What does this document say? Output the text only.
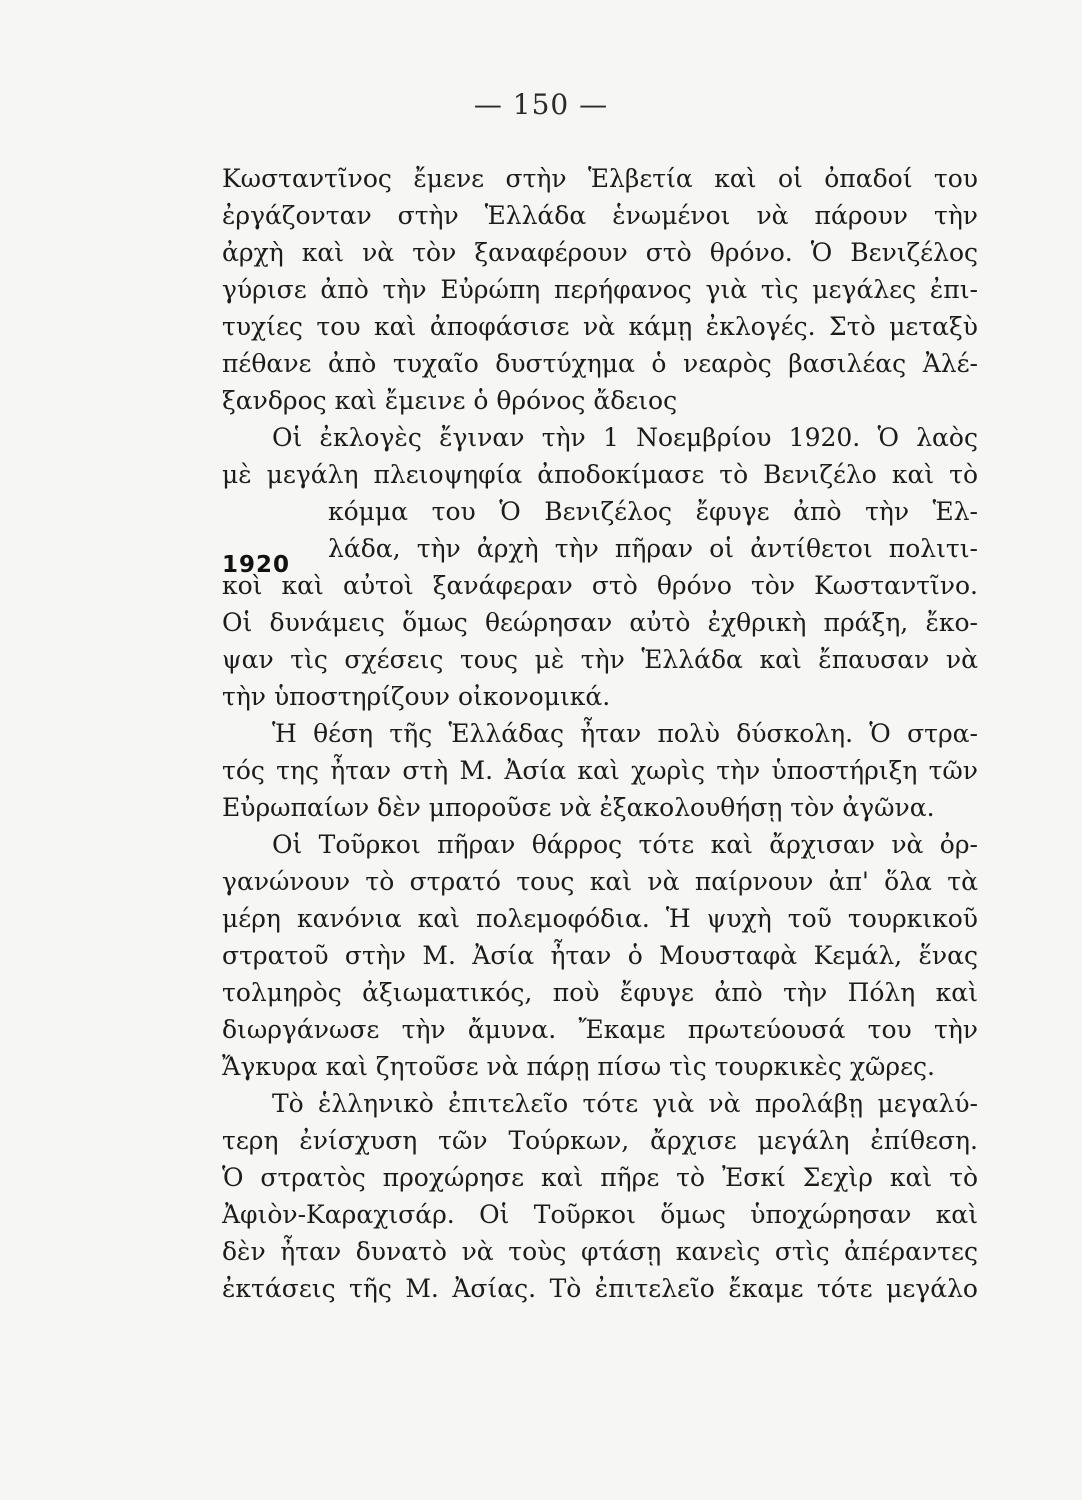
— 150 —
1920
Κωσταντῖνος ἔμενε στὴν Ἑλβετία καὶ οἱ ὀπαδοί του
ἐργάζονταν στὴν Ἑλλάδα ἑνωμένοι νὰ πάρουν τὴν
ἀρχὴ καὶ νὰ τὸν ξαναφέρουν στὸ θρόνο. Ὁ Βενιζέλος
γύρισε ἀπὸ τὴν Εὐρώπη περήφανος γιὰ τὶς μεγάλες ἐπι-
τυχίες του καὶ ἀποφάσισε νὰ κάμῃ ἐκλογές. Στὸ μεταξὺ
πέθανε ἀπὸ τυχαῖο δυστύχημα ὁ νεαρὸς βασιλέας Ἀλέ-
ξανδρος καὶ ἔμεινε ὁ θρόνος ἄδειος
Οἱ ἐκλογὲς ἔγιναν τὴν 1 Νοεμβρίου 1920. Ὁ λαὸς
μὲ μεγάλη πλειοψηφία ἀποδοκίμασε τὸ Βενιζέλο καὶ τὸ
κόμμα του Ὁ Βενιζέλος ἔφυγε ἀπὸ τὴν Ἑλ-
λάδα, τὴν ἀρχὴ τὴν πῆραν οἱ ἀντίθετοι πολιτι-
κοὶ καὶ αὐτοὶ ξανάφεραν στὸ θρόνο τὸν Κωσταντῖνο.
Οἱ δυνάμεις ὅμως θεώρησαν αὐτὸ ἐχθρικὴ πράξη, ἔκο-
ψαν τὶς σχέσεις τους μὲ τὴν Ἑλλάδα καὶ ἔπαυσαν νὰ
τὴν ὑποστηρίζουν οἰκονομικά.
Ἡ θέση τῆς Ἑλλάδας ἦταν πολὺ δύσκολη. Ὁ στρα-
τός της ἦταν στὴ Μ. Ἀσία καὶ χωρὶς τὴν ὑποστήριξη τῶν
Εὐρωπαίων δὲν μποροῦσε νὰ ἐξακολουθήσῃ τὸν ἀγῶνα.
Οἱ Τοῦρκοι πῆραν θάρρος τότε καὶ ἄρχισαν νὰ ὀρ-
γανώνουν τὸ στρατό τους καὶ νὰ παίρνουν ἀπ' ὅλα τὰ
μέρη κανόνια καὶ πολεμοφόδια. Ἡ ψυχὴ τοῦ τουρκικοῦ
στρατοῦ στὴν Μ. Ἀσία ἦταν ὁ Μουσταφὰ Κεμάλ, ἕνας
τολμηρὸς ἀξιωματικός, ποὺ ἔφυγε ἀπὸ τὴν Πόλη καὶ
διωργάνωσε τὴν ἄμυνα. Ἔκαμε πρωτεύουσά του τὴν
Ἄγκυρα καὶ ζητοῦσε νὰ πάρῃ πίσω τὶς τουρκικὲς χῶρες.
Τὸ ἑλληνικὸ ἐπιτελεῖο τότε γιὰ νὰ προλάβῃ μεγαλύ-
τερη ἐνίσχυση τῶν Τούρκων, ἄρχισε μεγάλη ἐπίθεση.
Ὁ στρατὸς προχώρησε καὶ πῆρε τὸ Ἐσκί Σεχὶρ καὶ τὸ
Ἀφιὸν-Καραχισάρ. Οἱ Τοῦρκοι ὅμως ὑποχώρησαν καὶ
δὲν ἦταν δυνατὸ νὰ τοὺς φτάσῃ κανεὶς στὶς ἀπέραντες
ἐκτάσεις τῆς Μ. Ἀσίας. Τὸ ἐπιτελεῖο ἔκαμε τότε μεγάλο
